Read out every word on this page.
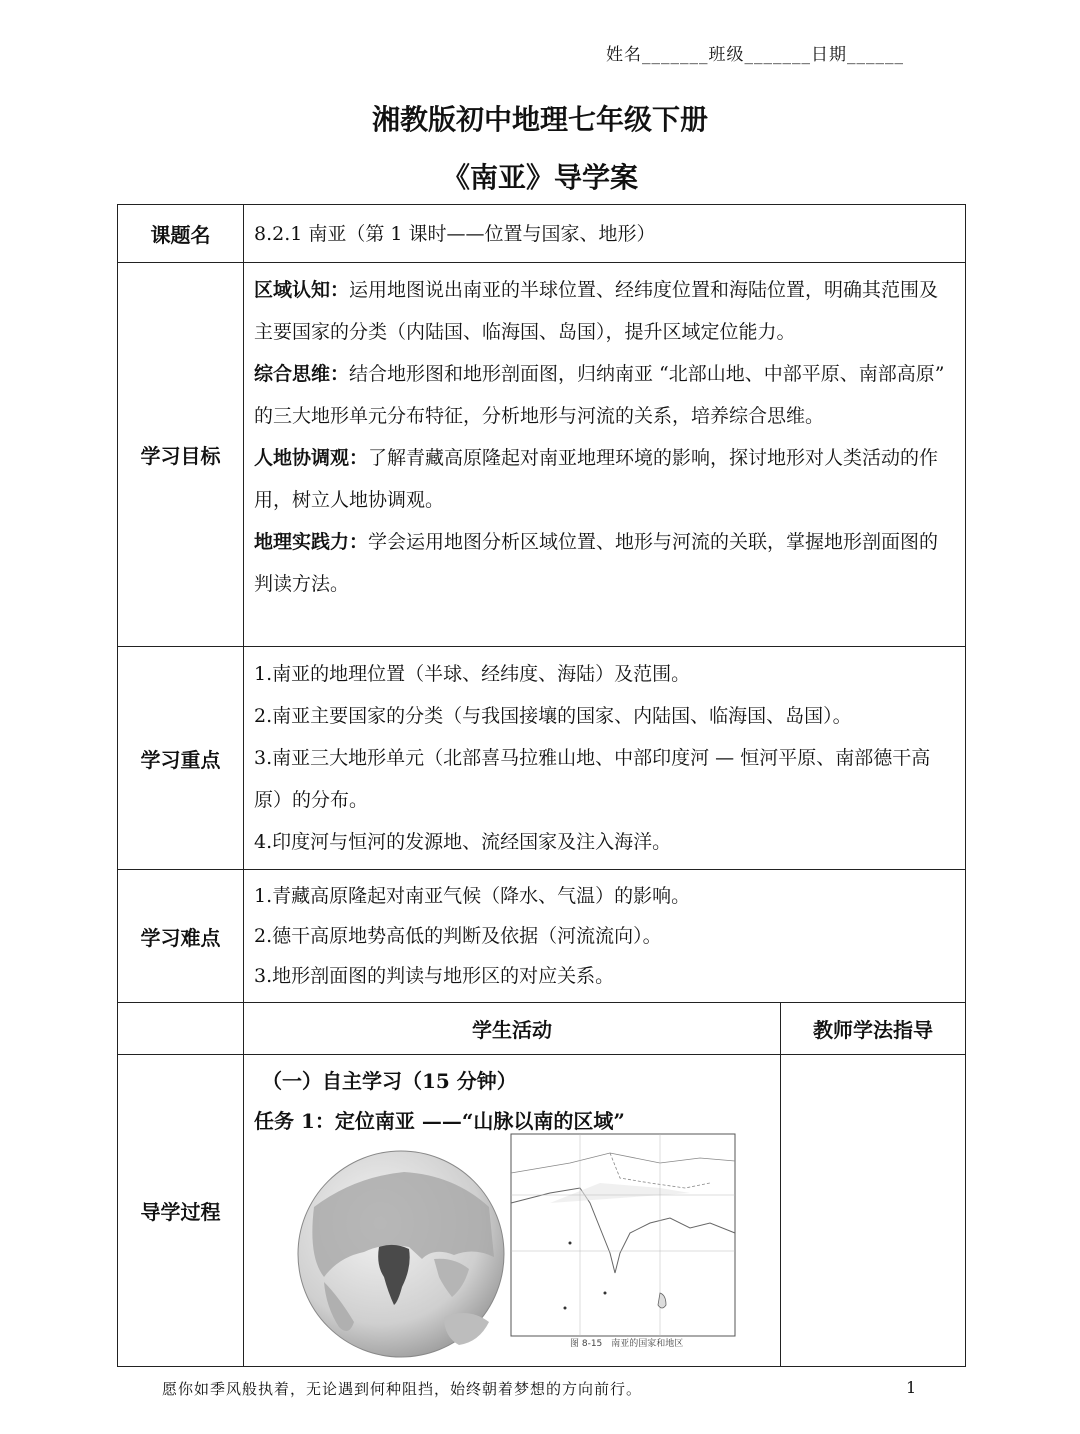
姓名_______班级_______日期______
湘教版初中地理七年级下册
《南亚》导学案
课题名	8.2.1 南亚（第 1 课时——位置与国家、地形）	
学习目标	区域认知：运用地图说出南亚的半球位置、经纬度位置和海陆位置，明确其范围及主要国家的分类（内陆国、临海国、岛国），提升区域定位能力。

综合思维：结合地形图和地形剖面图，归纳南亚 “北部山地、中部平原、南部高原” 的三大地形单元分布特征，分析地形与河流的关系，培养综合思维。

人地协调观：了解青藏高原隆起对南亚地理环境的影响，探讨地形对人类活动的作用，树立人地协调观。

地理实践力：学会运用地图分析区域位置、地形与河流的关联，掌握地形剖面图的判读方法。	

学习重点	1.南亚的地理位置（半球、经纬度、海陆）及范围。

2.南亚主要国家的分类（与我国接壤的国家、内陆国、临海国、岛国）。

3.南亚三大地形单元（北部喜马拉雅山地、中部印度河 — 恒河平原、南部德干高原）的分布。

4.印度河与恒河的发源地、流经国家及注入海洋。	

学习难点	1.青藏高原隆起对南亚气候（降水、气温）的影响。

2.德干高原地势高低的判断及依据（河流流向）。

3.地形剖面图的判读与地形区的对应关系。	

	学生活动	教师学法指导
导学过程	（一）自主学习（15 分钟）
任务 1：定位南亚 ——“山脉以南的区域”
图 8-15　南亚的国家和地区	

愿你如季风般执着，无论遇到何种阻挡，始终朝着梦想的方向前行。	1
